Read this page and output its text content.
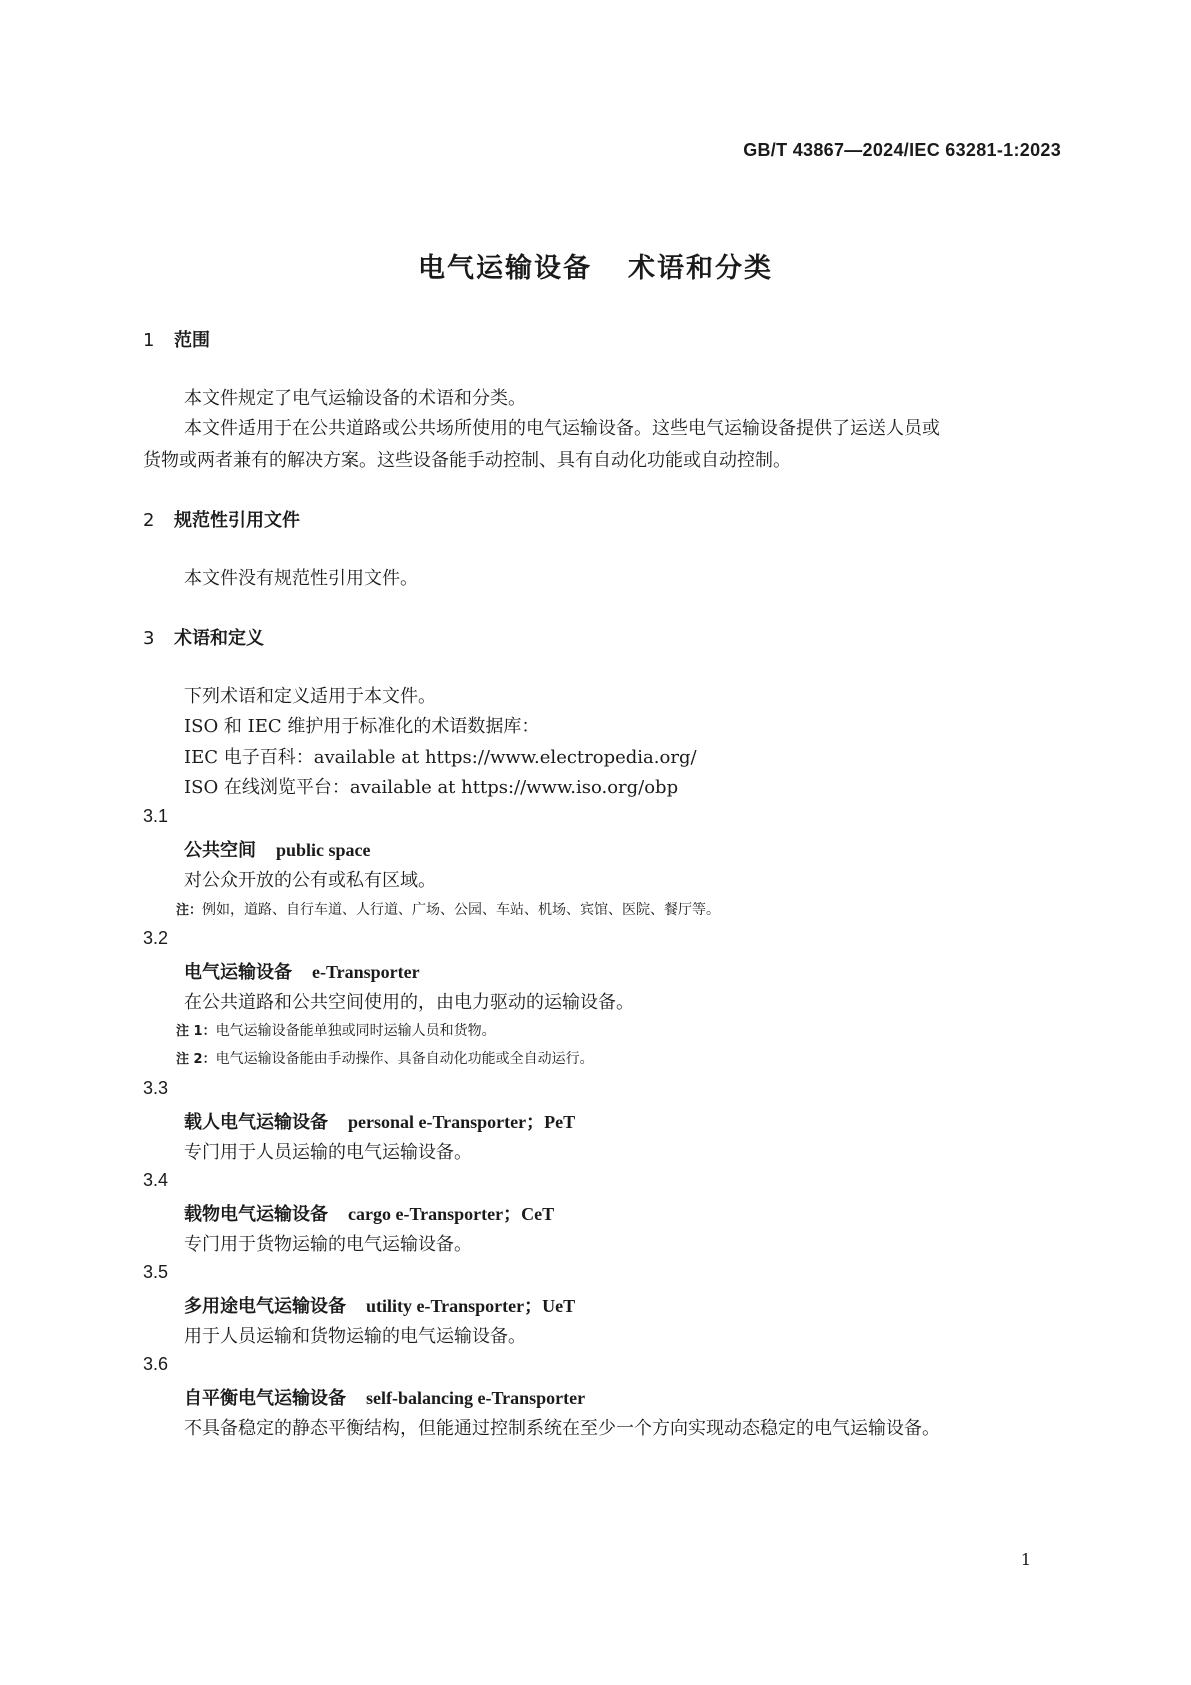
GB/T 43867—2024/IEC 63281-1:2023
电气运输设备 术语和分类
1 范围
本文件规定了电气运输设备的术语和分类。
本文件适用于在公共道路或公共场所使用的电气运输设备。这些电气运输设备提供了运送人员或
货物或两者兼有的解决方案。这些设备能手动控制、具有自动化功能或自动控制。
2 规范性引用文件
本文件没有规范性引用文件。
3 术语和定义
下列术语和定义适用于本文件。
ISO 和 IEC 维护用于标准化的术语数据库：
IEC 电子百科：available at https://www.electropedia.org/
ISO 在线浏览平台：available at https://www.iso.org/obp
3.1
公共空间 public space
对公众开放的公有或私有区域。
注：例如，道路、自行车道、人行道、广场、公园、车站、机场、宾馆、医院、餐厅等。
3.2
电气运输设备 e-Transporter
在公共道路和公共空间使用的，由电力驱动的运输设备。
注 1：电气运输设备能单独或同时运输人员和货物。
注 2：电气运输设备能由手动操作、具备自动化功能或全自动运行。
3.3
载人电气运输设备 personal e-Transporter；PeT
专门用于人员运输的电气运输设备。
3.4
载物电气运输设备 cargo e-Transporter；CeT
专门用于货物运输的电气运输设备。
3.5
多用途电气运输设备 utility e-Transporter；UeT
用于人员运输和货物运输的电气运输设备。
3.6
自平衡电气运输设备 self-balancing e-Transporter
不具备稳定的静态平衡结构，但能通过控制系统在至少一个方向实现动态稳定的电气运输设备。
1
